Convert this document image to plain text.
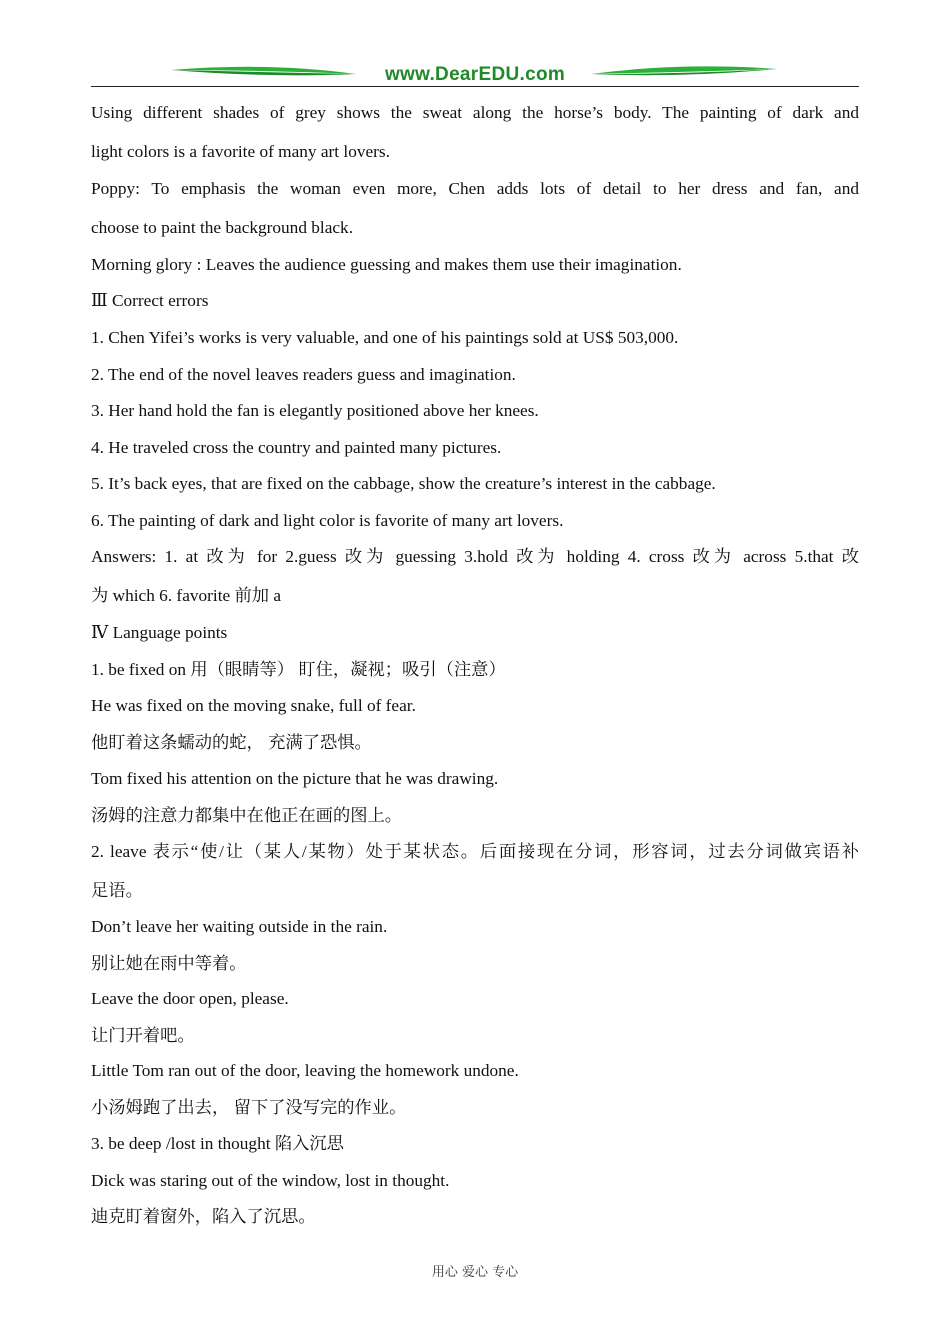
www.DearEDU.com
Using different shades of grey shows the sweat along the horse’s body. The painting of dark and
light colors is a favorite of many art lovers.
Poppy: To emphasis the woman even more, Chen adds lots of detail to her dress and fan, and
choose to paint the background black.
Morning glory : Leaves the audience guessing and makes them use their imagination.
Ⅲ Correct errors
1. Chen Yifei’s works is very valuable, and one of his paintings sold at US$ 503,000.
2. The end of the novel leaves readers guess and imagination.
3. Her hand hold the fan is elegantly positioned above her knees.
4. He traveled cross the country and painted many pictures.
5. It’s back eyes, that are fixed on the cabbage, show the creature’s interest in the cabbage.
6. The painting of dark and light color is favorite of many art lovers.
Answers: 1. at 改为 for 2.guess 改为 guessing 3.hold 改为 holding 4. cross 改为 across 5.that 改
为 which 6. favorite 前加 a
Ⅳ Language points
1. be fixed on 用（眼睛等） 盯住，凝视；吸引（注意）
He was fixed on the moving snake, full of fear.
他盯着这条蠕动的蛇， 充满了恐惧。
Tom fixed his attention on the picture that he was drawing.
汤姆的注意力都集中在他正在画的图上。
2. leave 表示“使/让（某人/某物）处于某状态。后面接现在分词，形容词，过去分词做宾语补
足语。
Don’t leave her waiting outside in the rain.
别让她在雨中等着。
Leave the door open, please.
让门开着吧。
Little Tom ran out of the door, leaving the homework undone.
小汤姆跑了出去， 留下了没写完的作业。
3. be deep /lost in thought 陷入沉思
Dick was staring out of the window, lost in thought.
迪克盯着窗外，陷入了沉思。
用心 爱心 专心
